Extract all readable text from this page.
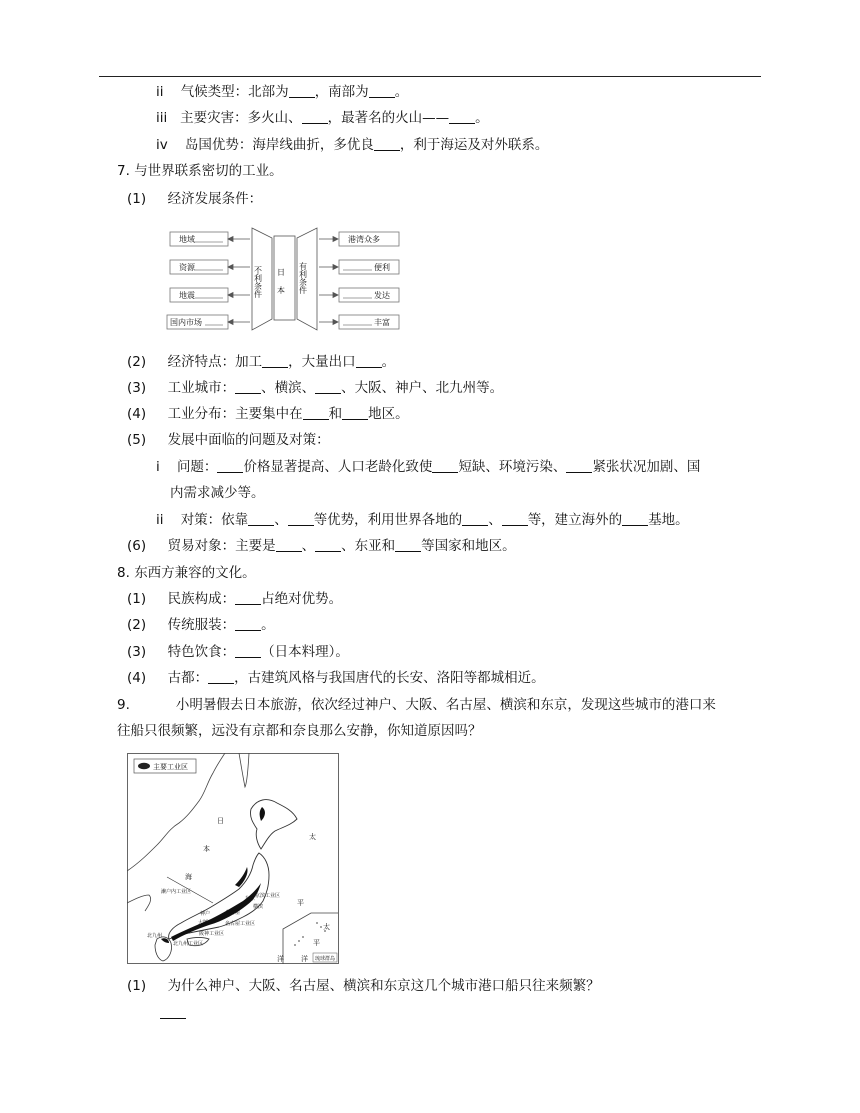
ii 气候类型：北部为 ，南部为 。
iii 主要灾害：多火山、 ，最著名的火山—— 。
iv 岛国优势：海岸线曲折，多优良 ，利于海运及对外联系。
7. 与世界联系密切的工业。
(1) 经济发展条件：
地域
资源
地震
国内市场
不利条件 日本 有利条件
港湾众多
便利
发达
丰富
(2) 经济特点：加工 ，大量出口 。
(3) 工业城市： 、横滨、 、大阪、神户、北九州等。
(4) 工业分布：主要集中在 和 地区。
(5) 发展中面临的问题及对策：
i 问题： 价格显著提高、人口老龄化致使 短缺、环境污染、 紧张状况加剧、国
内需求减少等。
ii 对策：依靠 、 等优势，利用世界各地的 、 等，建立海外的 基地。
(6) 贸易对象：主要是 、 、东亚和 等国家和地区。
8. 东西方兼容的文化。
(1) 民族构成： 占绝对优势。
(2) 传统服装： 。
(3) 特色饮食： （日本料理）。
(4) 古都： ，古建筑风格与我国唐代的长安、洛阳等都城相近。
9.	小明暑假去日本旅游，依次经过神户、大阪、名古屋、横滨和东京，发现这些城市的港口来
往船只很频繁，远没有京都和奈良那么安静，你知道原因吗？
主要工业区
日
本
海
太
平
洋
太
平
洋
濑户内工业区
京滨工业区
神户	名古屋
横滨
东京
大阪	名古屋工业区
阪神工业区
北九州工业区
北九州
琉球群岛
(1) 为什么神户、大阪、名古屋、横滨和东京这几个城市港口船只往来频繁？
